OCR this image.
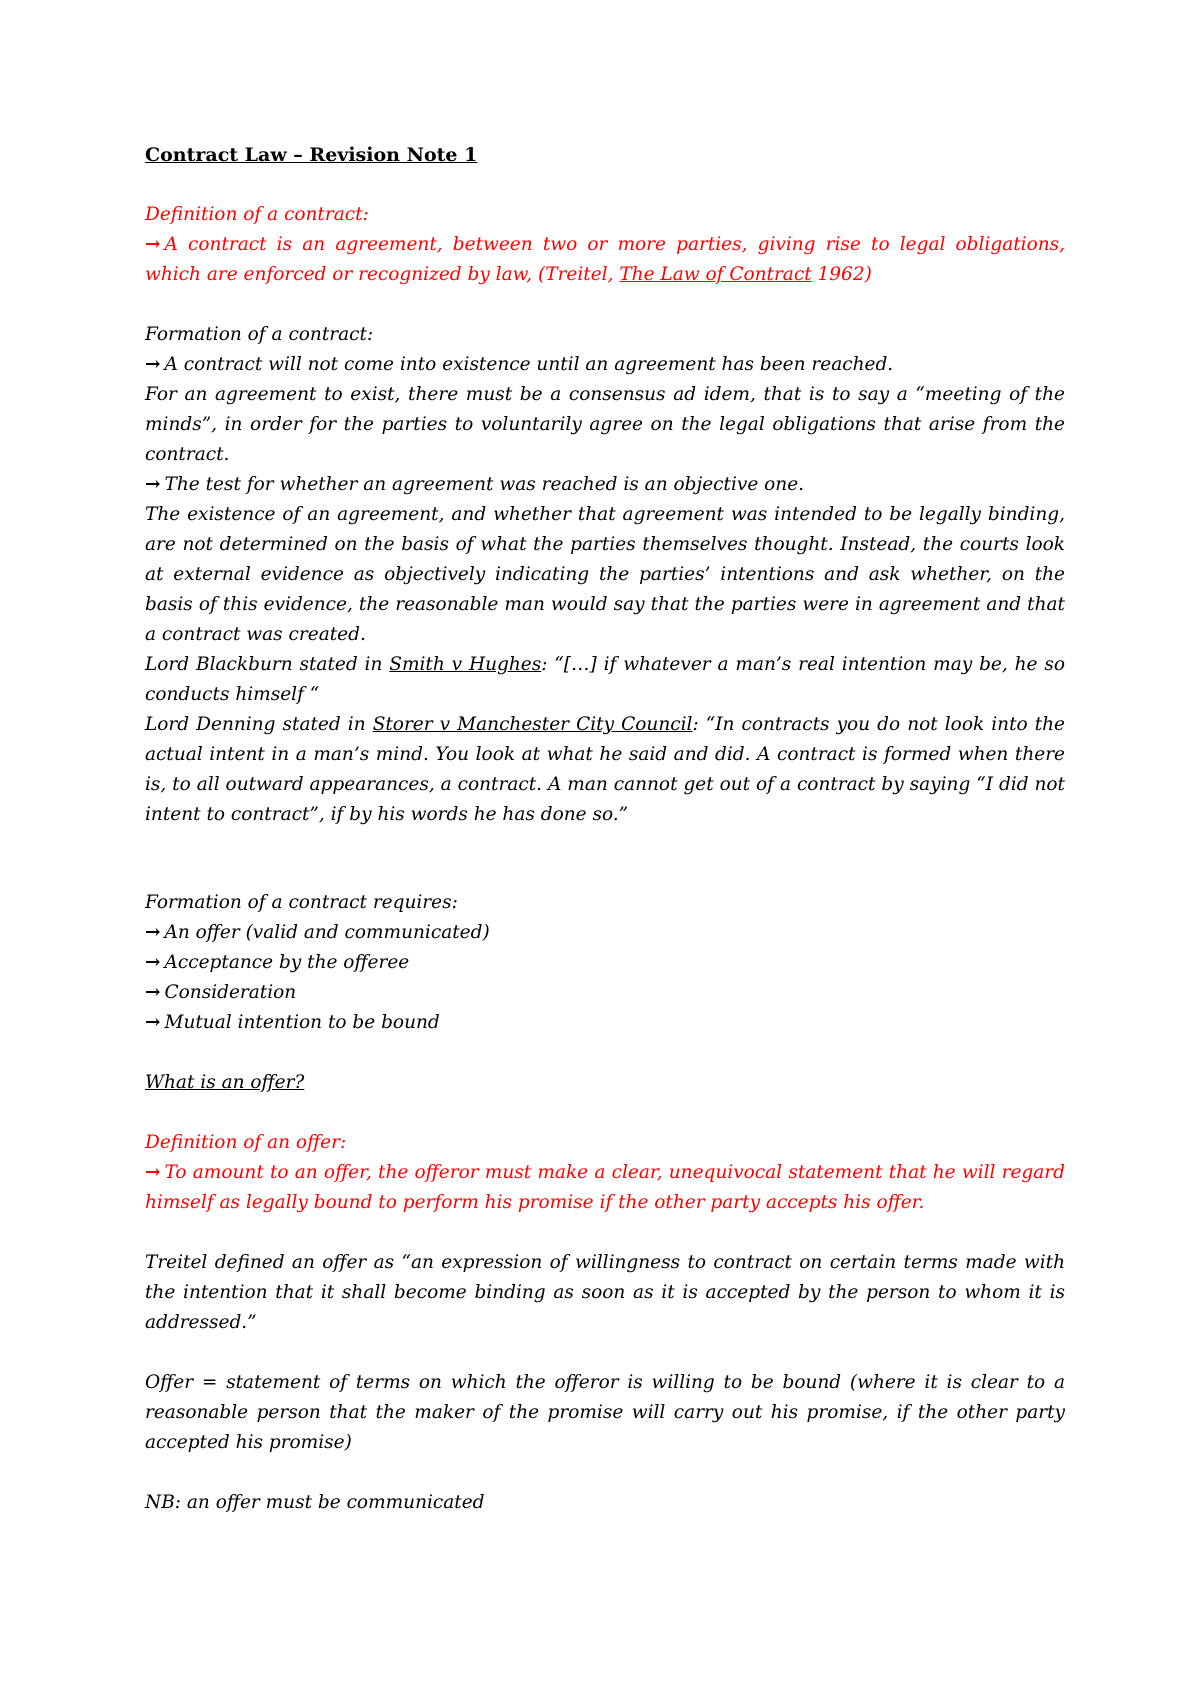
Contract Law – Revision Note 1

Definition of a contract:

→ A contract is an agreement, between two or more parties, giving rise to legal obligations, which are enforced or recognized by law, (Treitel, The Law of Contract 1962)

Formation of a contract:

→ A contract will not come into existence until an agreement has been reached.

For an agreement to exist, there must be a consensus ad idem, that is to say a “meeting of the minds”, in order for the parties to voluntarily agree on the legal obligations that arise from the contract.

→ The test for whether an agreement was reached is an objective one.

The existence of an agreement, and whether that agreement was intended to be legally binding, are not determined on the basis of what the parties themselves thought. Instead, the courts look at external evidence as objectively indicating the parties’ intentions and ask whether, on the basis of this evidence, the reasonable man would say that the parties were in agreement and that a contract was created.

Lord Blackburn stated in Smith v Hughes: “[…] if whatever a man’s real intention may be, he so conducts himself “

Lord Denning stated in Storer v Manchester City Council: “In contracts you do not look into the actual intent in a man’s mind. You look at what he said and did. A contract is formed when there is, to all outward appearances, a contract. A man cannot get out of a contract by saying “I did not intent to contract”, if by his words he has done so.”

Formation of a contract requires:

→ An offer (valid and communicated)

→ Acceptance by the offeree

→ Consideration

→ Mutual intention to be bound

What is an offer?

Definition of an offer:

→ To amount to an offer, the offeror must make a clear, unequivocal statement that he will regard himself as legally bound to perform his promise if the other party accepts his offer.

Treitel defined an offer as “an expression of willingness to contract on certain terms made with the intention that it shall become binding as soon as it is accepted by the person to whom it is addressed.”

Offer = statement of terms on which the offeror is willing to be bound (where it is clear to a reasonable person that the maker of the promise will carry out his promise, if the other party accepted his promise)

NB: an offer must be communicated
